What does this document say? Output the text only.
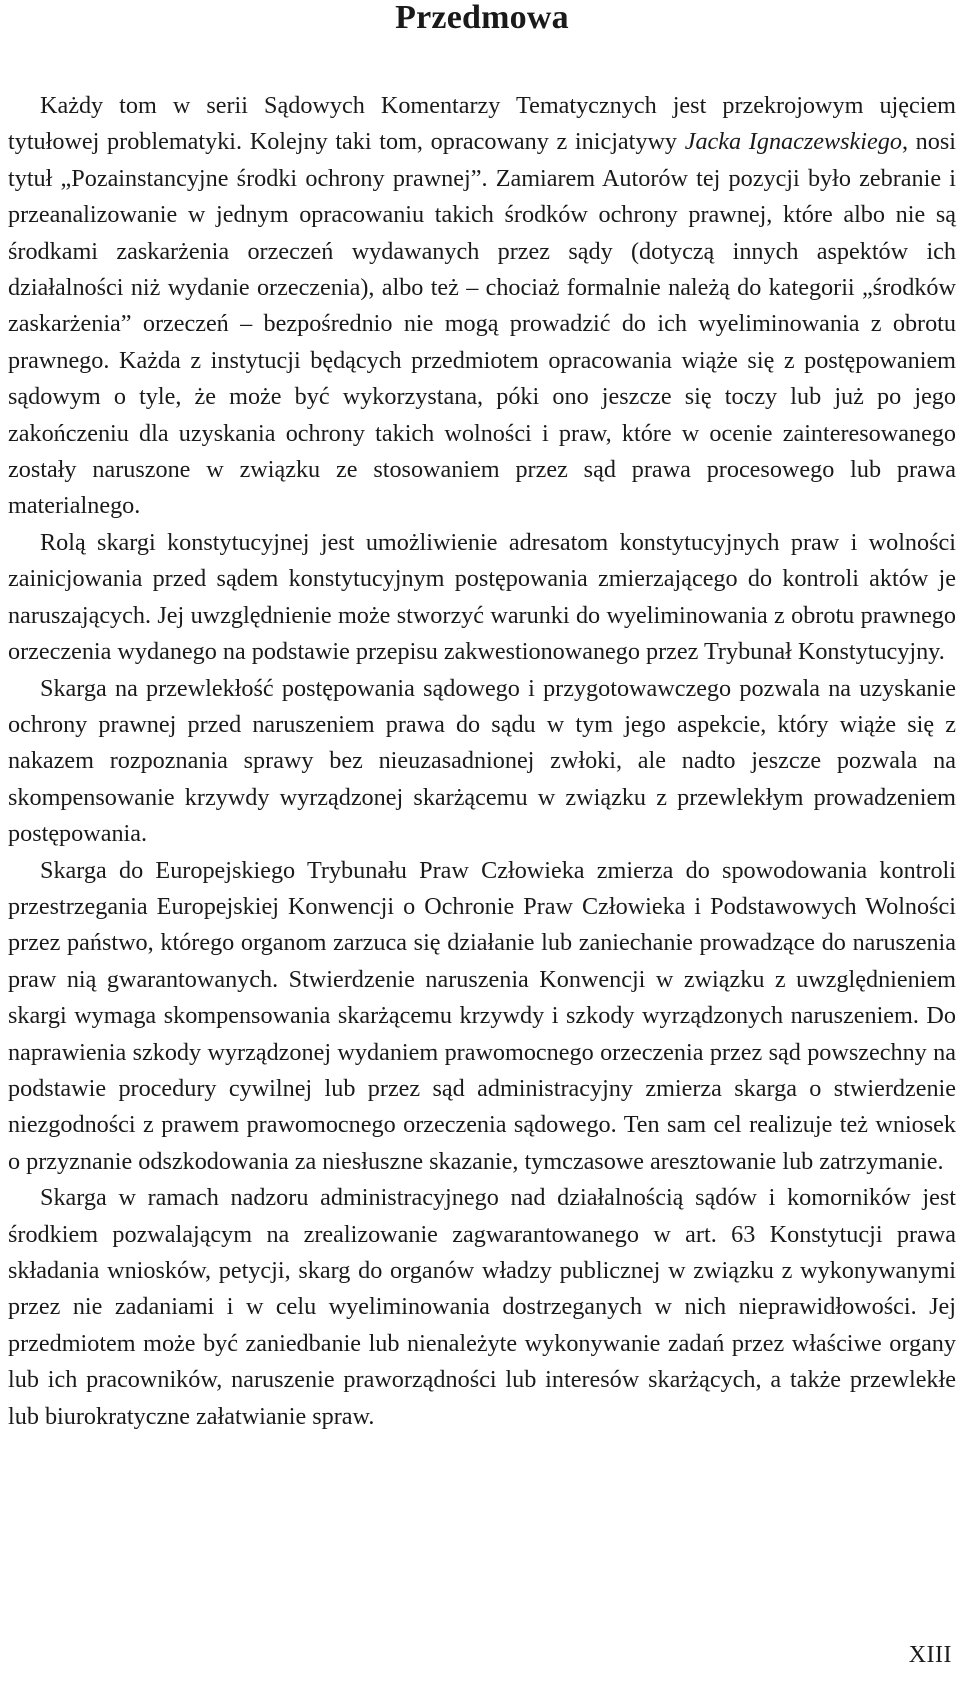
Przedmowa

Każdy tom w serii Sądowych Komentarzy Tematycznych jest przekrojowym ujęciem tytułowej problematyki. Kolejny taki tom, opracowany z inicjatywy Jacka Ignaczewskiego, nosi tytuł „Pozainstancyjne środki ochrony prawnej”. Zamiarem Autorów tej pozycji było zebranie i przeanalizowanie w jednym opracowaniu takich środków ochrony prawnej, które albo nie są środkami zaskarżenia orzeczeń wydawanych przez sądy (dotyczą innych aspektów ich działalności niż wydanie orzeczenia), albo też – chociaż formalnie należą do kategorii „środków zaskarżenia” orzeczeń – bezpośrednio nie mogą prowadzić do ich wyeliminowania z obrotu prawnego. Każda z instytucji będących przedmiotem opracowania wiąże się z postępowaniem sądowym o tyle, że może być wykorzystana, póki ono jeszcze się toczy lub już po jego zakończeniu dla uzyskania ochrony takich wolności i praw, które w ocenie zainteresowanego zostały naruszone w związku ze stosowaniem przez sąd prawa procesowego lub prawa materialnego.

Rolą skargi konstytucyjnej jest umożliwienie adresatom konstytucyjnych praw i wolności zainicjowania przed sądem konstytucyjnym postępowania zmierzającego do kontroli aktów je naruszających. Jej uwzględnienie może stworzyć warunki do wyeliminowania z obrotu prawnego orzeczenia wydanego na podstawie przepisu zakwestionowanego przez Trybunał Konstytucyjny.

Skarga na przewlekłość postępowania sądowego i przygotowawczego pozwala na uzyskanie ochrony prawnej przed naruszeniem prawa do sądu w tym jego aspekcie, który wiąże się z nakazem rozpoznania sprawy bez nieuzasadnionej zwłoki, ale nadto jeszcze pozwala na skompensowanie krzywdy wyrządzonej skarżącemu w związku z przewlekłym prowadzeniem postępowania.

Skarga do Europejskiego Trybunału Praw Człowieka zmierza do spowodowania kontroli przestrzegania Europejskiej Konwencji o Ochronie Praw Człowieka i Podstawowych Wolności przez państwo, którego organom zarzuca się działanie lub zaniechanie prowadzące do naruszenia praw nią gwarantowanych. Stwierdzenie naruszenia Konwencji w związku z uwzględnieniem skargi wymaga skompensowania skarżącemu krzywdy i szkody wyrządzonych naruszeniem. Do naprawienia szkody wyrządzonej wydaniem prawomocnego orzeczenia przez sąd powszechny na podstawie procedury cywilnej lub przez sąd administracyjny zmierza skarga o stwierdzenie niezgodności z prawem prawomocnego orzeczenia sądowego. Ten sam cel realizuje też wniosek o przyznanie odszkodowania za niesłuszne skazanie, tymczasowe aresztowanie lub zatrzymanie.

Skarga w ramach nadzoru administracyjnego nad działalnością sądów i komorników jest środkiem pozwalającym na zrealizowanie zagwarantowanego w art. 63 Konstytucji prawa składania wniosków, petycji, skarg do organów władzy publicznej w związku z wykonywanymi przez nie zadaniami i w celu wyeliminowania dostrzeganych w nich nieprawidłowości. Jej przedmiotem może być zaniedbanie lub nienależyte wykonywanie zadań przez właściwe organy lub ich pracowników, naruszenie praworządności lub interesów skarżących, a także przewlekłe lub biurokratyczne załatwianie spraw.

XIII
